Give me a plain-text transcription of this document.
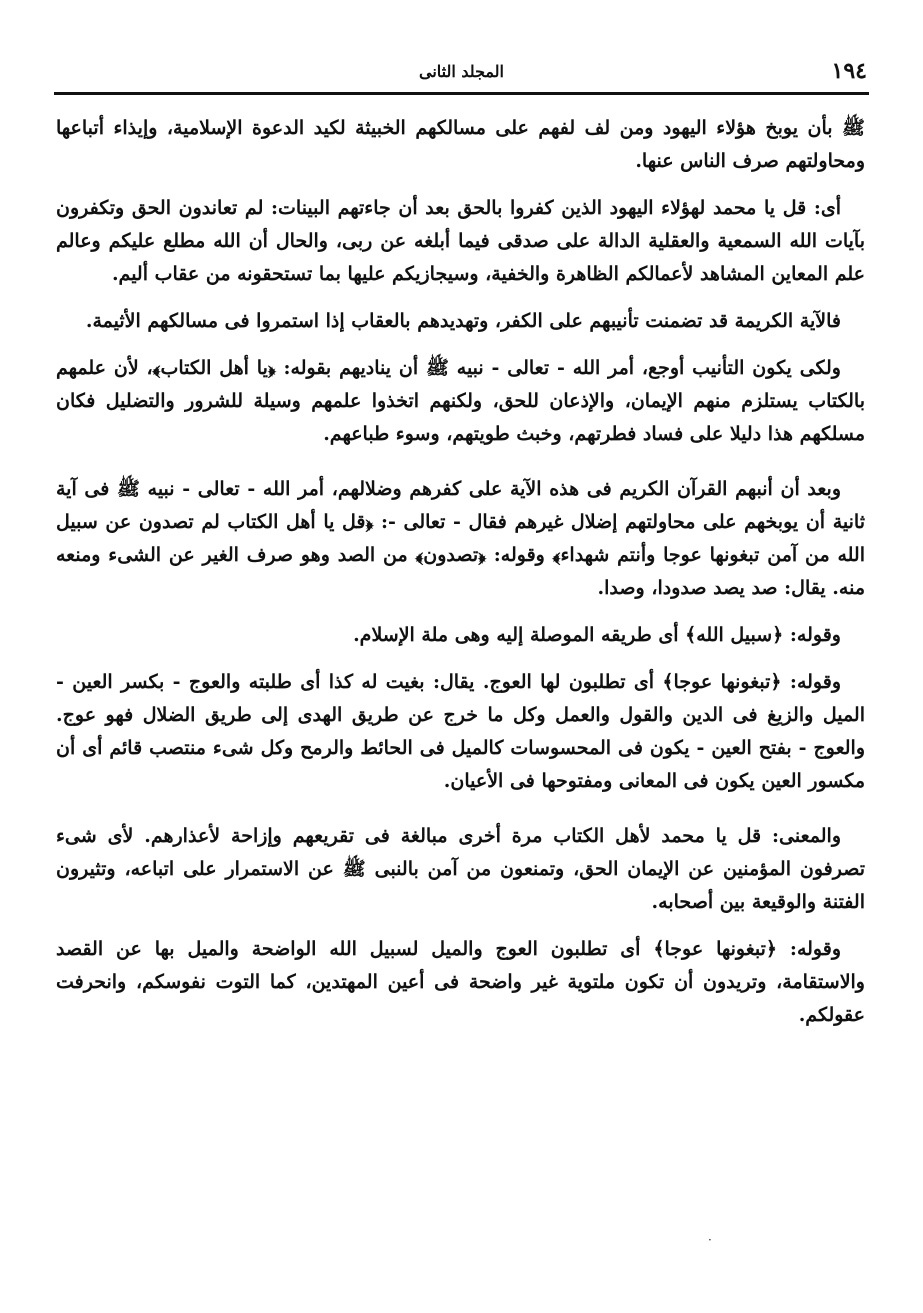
١٩٤
المجلد الثانى

ﷺ بأن يوبخ هؤلاء اليهود ومن لف لفهم على مسالكهم الخبيثة لكيد الدعوة الإسلامية، وإيذاء أتباعها ومحاولتهم صرف الناس عنها.

أى: قل يا محمد لهؤلاء اليهود الذين كفروا بالحق بعد أن جاءتهم البينات: لم تعاندون الحق وتكفرون بآيات الله السمعية والعقلية الدالة على صدقى فيما أبلغه عن ربى، والحال أن الله مطلع عليكم وعالم علم المعاين المشاهد لأعمالكم الظاهرة والخفية، وسيجازيكم عليها بما تستحقونه من عقاب أليم.

فالآية الكريمة قد تضمنت تأنيبهم على الكفر، وتهديدهم بالعقاب إذا استمروا فى مسالكهم الأثيمة.

ولكى يكون التأنيب أوجع، أمر الله - تعالى - نبيه ﷺ أن يناديهم بقوله: ﴿يا أهل الكتاب﴾، لأن علمهم بالكتاب يستلزم منهم الإيمان، والإذعان للحق، ولكنهم اتخذوا علمهم وسيلة للشرور والتضليل فكان مسلكهم هذا دليلا على فساد فطرتهم، وخبث طويتهم، وسوء طباعهم.

وبعد أن أنبهم القرآن الكريم فى هذه الآية على كفرهم وضلالهم، أمر الله - تعالى - نبيه ﷺ فى آية ثانية أن يوبخهم على محاولتهم إضلال غيرهم فقال - تعالى -: ﴿قل يا أهل الكتاب لم تصدون عن سبيل الله من آمن تبغونها عوجا وأنتم شهداء﴾ وقوله: ﴿تصدون﴾ من الصد وهو صرف الغير عن الشىء ومنعه منه. يقال: صد يصد صدودا، وصدا.

وقوله: ﴿سبيل الله﴾ أى طريقه الموصلة إليه وهى ملة الإسلام.

وقوله: ﴿تبغونها عوجا﴾ أى تطلبون لها العوج. يقال: بغيت له كذا أى طلبته والعوج - بكسر العين - الميل والزيغ فى الدين والقول والعمل وكل ما خرج عن طريق الهدى إلى طريق الضلال فهو عوج. والعوج - بفتح العين - يكون فى المحسوسات كالميل فى الحائط والرمح وكل شىء منتصب قائم أى أن مكسور العين يكون فى المعانى ومفتوحها فى الأعيان.

والمعنى: قل يا محمد لأهل الكتاب مرة أخرى مبالغة فى تقريعهم وإزاحة لأعذارهم. لأى شىء تصرفون المؤمنين عن الإيمان الحق، وتمنعون من آمن بالنبى ﷺ عن الاستمرار على اتباعه، وتثيرون الفتنة والوقيعة بين أصحابه.

وقوله: ﴿تبغونها عوجا﴾ أى تطلبون العوج والميل لسبيل الله الواضحة والميل بها عن القصد والاستقامة، وتريدون أن تكون ملتوية غير واضحة فى أعين المهتدين، كما التوت نفوسكم، وانحرفت عقولكم.

·
